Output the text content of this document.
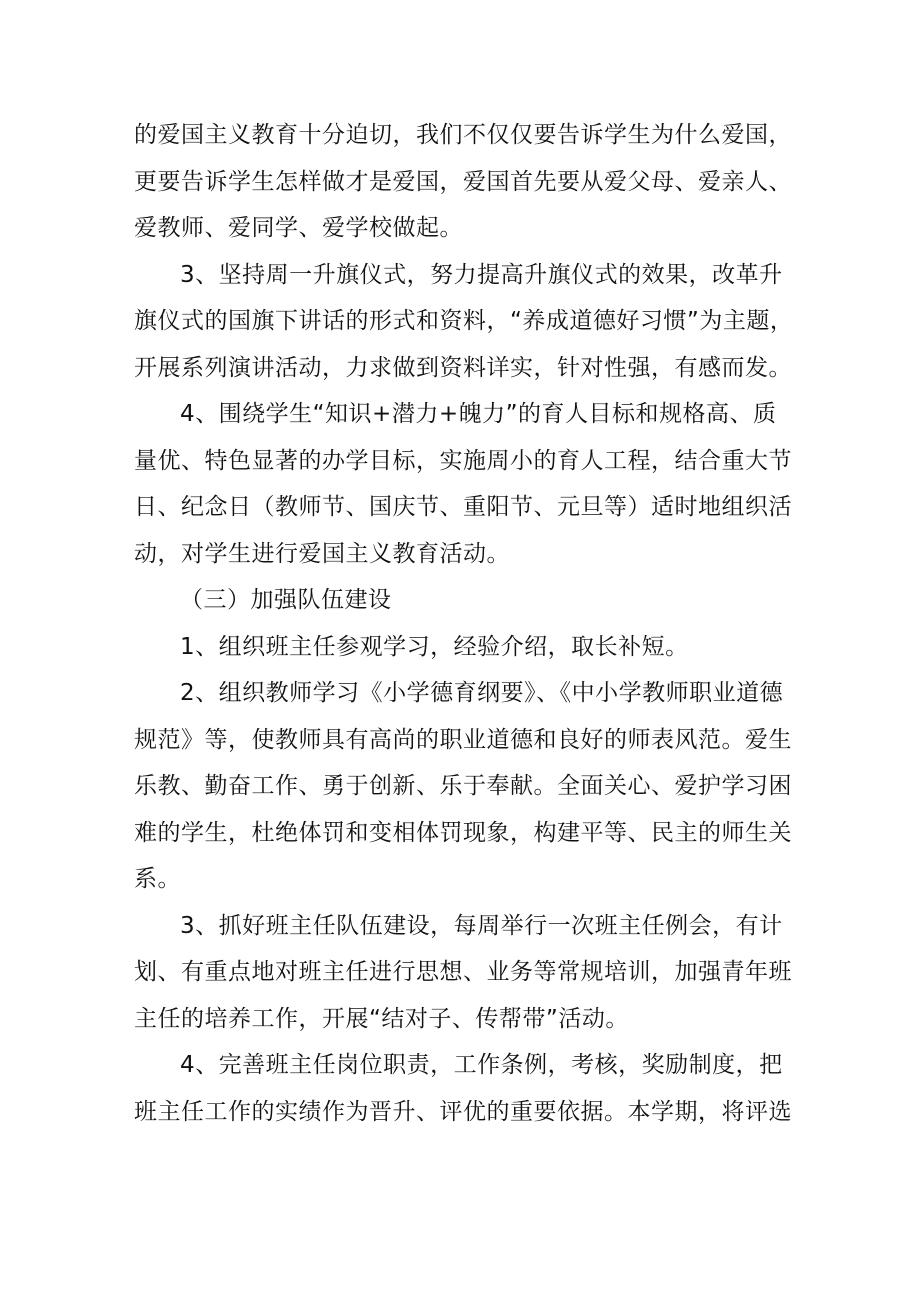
的爱国主义教育十分迫切，我们不仅仅要告诉学生为什么爱国，更要告诉学生怎样做才是爱国，爱国首先要从爱父母、爱亲人、爱教师、爱同学、爱学校做起。

3、坚持周一升旗仪式，努力提高升旗仪式的效果，改革升旗仪式的国旗下讲话的形式和资料，“养成道德好习惯”为主题，开展系列演讲活动，力求做到资料详实，针对性强，有感而发。

4、围绕学生“知识+潜力+魄力”的育人目标和规格高、质量优、特色显著的办学目标，实施周小的育人工程，结合重大节日、纪念日（教师节、国庆节、重阳节、元旦等）适时地组织活动，对学生进行爱国主义教育活动。

（三）加强队伍建设

1、组织班主任参观学习，经验介绍，取长补短。

2、组织教师学习《小学德育纲要》、《中小学教师职业道德规范》等，使教师具有高尚的职业道德和良好的师表风范。爱生乐教、勤奋工作、勇于创新、乐于奉献。全面关心、爱护学习困难的学生，杜绝体罚和变相体罚现象，构建平等、民主的师生关系。

3、抓好班主任队伍建设，每周举行一次班主任例会，有计划、有重点地对班主任进行思想、业务等常规培训，加强青年班主任的培养工作，开展“结对子、传帮带”活动。

4、完善班主任岗位职责，工作条例，考核，奖励制度，把班主任工作的实绩作为晋升、评优的重要依据。本学期，将评选
